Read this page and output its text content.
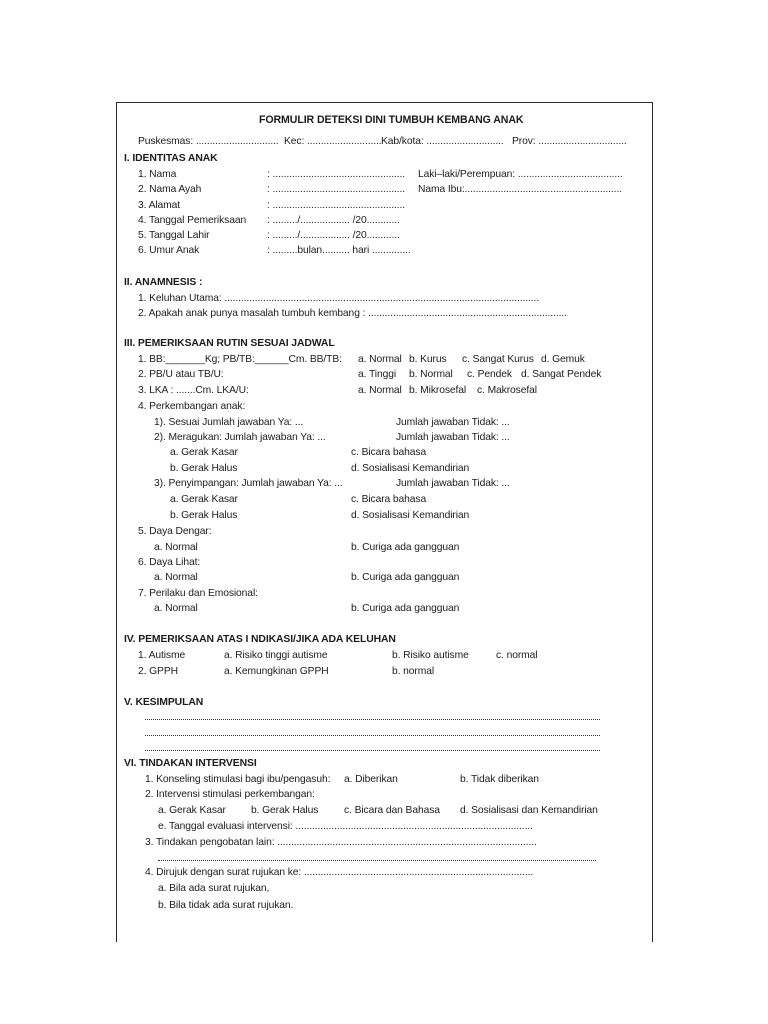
FORMULIR DETEKSI DINI TUMBUH KEMBANG ANAK
Puskesmas: .............................. Kec: ........................... Kab/kota: ............................ Prov: ................................
I. IDENTITAS ANAK
1. Nama	: ................................................ Laki–laki/Perempuan: ......................................
2. Nama Ayah	: ................................................ Nama Ibu:.........................................................
3. Alamat	: ................................................
4. Tanggal Pemeriksaan : ........./.................. /20............
5. Tanggal Lahir	: ........./.................. /20............
6. Umur Anak	: .........bulan.......... hari ..............
II. ANAMNESIS :
1. Keluhan Utama: ..................................................................................................................
2. Apakah anak punya masalah tumbuh kembang : ........................................................................
III. PEMERIKSAAN RUTIN SESUAI JADWAL
1. BB:_______Kg; PB/TB:______Cm. BB/TB: a. Normal b. Kurus c. Sangat Kurus d. Gemuk
2. PB/U atau TB/U:	a. Tinggi b. Normal c. Pendek d. Sangat Pendek
3. LKA : .......Cm. LKA/U:	a. Normal b. Mikrosefal c. Makrosefal
4. Perkembangan anak:
1). Sesuai Jumlah jawaban Ya: ...	Jumlah jawaban Tidak: ...
2). Meragukan: Jumlah jawaban Ya: ...	Jumlah jawaban Tidak: ...
a. Gerak Kasar	c. Bicara bahasa
b. Gerak Halus	d. Sosialisasi Kemandirian
3). Penyimpangan: Jumlah jawaban Ya: ...	Jumlah jawaban Tidak: ...
a. Gerak Kasar	c. Bicara bahasa
b. Gerak Halus	d. Sosialisasi Kemandirian
5. Daya Dengar:
a. Normal	b. Curiga ada gangguan
6. Daya Lihat:
a. Normal	b. Curiga ada gangguan
7. Perilaku dan Emosional:
a. Normal	b. Curiga ada gangguan
IV. PEMERIKSAAN ATAS I NDIKASI/JIKA ADA KELUHAN
1. Autisme	a. Risiko tinggi autisme	b. Risiko autisme	c. normal
2. GPPH	a. Kemungkinan GPPH	b. normal
V. KESIMPULAN
VI. TINDAKAN INTERVENSI
1. Konseling stimulasi bagi ibu/pengasuh: a. Diberikan	b. Tidak diberikan
2. Intervensi stimulasi perkembangan:
a. Gerak Kasar b. Gerak Halus c. Bicara dan Bahasa d. Sosialisasi dan Kemandirian
e. Tanggal evaluasi intervensi: ......................................................................................
3. Tindakan pengobatan lain: ..............................................................................................
4. Dirujuk dengan surat rujukan ke: ...................................................................................
a. Bila ada surat rujukan,
b. Bila tidak ada surat rujukan.
